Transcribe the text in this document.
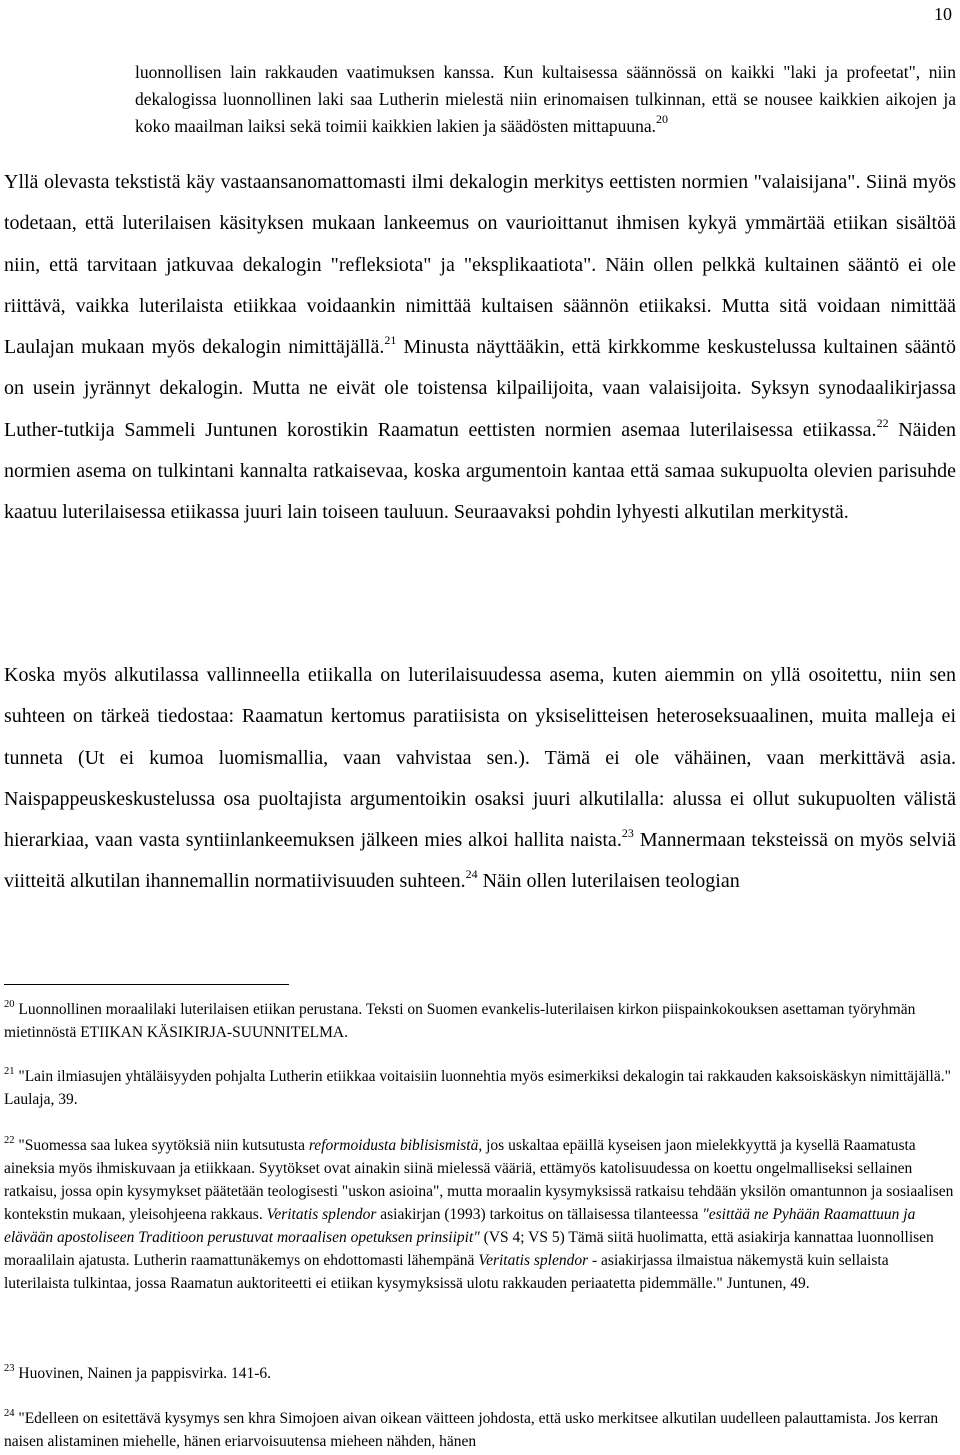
10

luonnollisen lain rakkauden vaatimuksen kanssa. Kun kultaisessa säännössä on kaikki "laki ja profeetat", niin dekalogissa luonnollinen laki saa Lutherin mielestä niin erinomaisen tulkinnan, että se nousee kaikkien aikojen ja koko maailman laiksi sekä toimii kaikkien lakien ja säädösten mittapuuna.$^{20}$

Yllä olevasta tekstistä käy vastaansanomattomasti ilmi dekalogin merkitys eettisten normien "valaisijana". Siinä myös todetaan, että luterilaisen käsityksen mukaan lankeemus on vaurioittanut ihmisen kykyä ymmärtää etiikan sisältöä niin, että tarvitaan jatkuvaa dekalogin "refleksiota" ja "eksplikaatiota". Näin ollen pelkkä kultainen sääntö ei ole riittävä, vaikka luterilaista etiikkaa voidaankin nimittää kultaisen säännön etiikaksi. Mutta sitä voidaan nimittää Laulajan mukaan myös dekalogin nimittäjällä.$^{21}$ Minusta näyttääkin, että kirkkomme keskustelussa kultainen sääntö on usein jyrännyt dekalogin. Mutta ne eivät ole toistensa kilpailijoita, vaan valaisijoita. Syksyn synodaalikirjassa Luther-tutkija Sammeli Juntunen korostikin Raamatun eettisten normien asemaa luterilaisessa etiikassa.$^{22}$ Näiden normien asema on tulkintani kannalta ratkaisevaa, koska argumentoin kantaa että samaa sukupuolta olevien parisuhde kaatuu luterilaisessa etiikassa juuri lain toiseen tauluun. Seuraavaksi pohdin lyhyesti alkutilan merkitystä.

Koska myös alkutilassa vallinneella etiikalla on luterilaisuudessa asema, kuten aiemmin on yllä osoitettu, niin sen suhteen on tärkeä tiedostaa: Raamatun kertomus paratiisista on yksiselitteisen heteroseksuaalinen, muita malleja ei tunneta (Ut ei kumoa luomismallia, vaan vahvistaa sen.). Tämä ei ole vähäinen, vaan merkittävä asia. Naispappeuskeskustelussa osa puoltajista argumentoikin osaksi juuri alkutilalla: alussa ei ollut sukupuolten välistä hierarkiaa, vaan vasta syntiinlankeemuksen jälkeen mies alkoi hallita naista.$^{23}$ Mannermaan teksteissä on myös selviä viitteitä alkutilan ihannemallin normatiivisuuden suhteen.$^{24}$ Näin ollen luterilaisen teologian

$^{20}$ Luonnollinen moraalilaki luterilaisen etiikan perustana. Teksti on Suomen evankelis-luterilaisen kirkon piispainkokouksen asettaman työryhmän mietinnöstä ETIIKAN KÄSIKIRJA-SUUNNITELMA.

$^{21}$ "Lain ilmiasujen yhtäläisyyden pohjalta Lutherin etiikkaa voitaisiin luonnehtia myös esimerkiksi dekalogin tai rakkauden kaksoiskäskyn nimittäjällä." Laulaja, 39.

$^{22}$ "Suomessa saa lukea syytöksiä niin kutsutusta reformoidusta biblisismistä, jos uskaltaa epäillä kyseisen jaon mielekkyyttä ja kysellä Raamatusta aineksia myös ihmiskuvaan ja etiikkaan. Syytökset ovat ainakin siinä mielessä vääriä, ettämyös katolisuudessa on koettu ongelmalliseksi sellainen ratkaisu, jossa opin kysymykset päätetään teologisesti "uskon asioina", mutta moraalin kysymyksissä ratkaisu tehdään yksilön omantunnon ja sosiaalisen kontekstin mukaan, yleisohjeena rakkaus. Veritatis splendor asiakirjan (1993) tarkoitus on tällaisessa tilanteessa "esittää ne Pyhään Raamattuun ja elävään apostoliseen Traditioon perustuvat moraalisen opetuksen prinsiipit" (VS 4; VS 5) Tämä siitä huolimatta, että asiakirja kannattaa luonnollisen moraalilain ajatusta. Lutherin raamattunäkemys on ehdottomasti lähempänä Veritatis splendor - asiakirjassa ilmaistua näkemystä kuin sellaista luterilaista tulkintaa, jossa Raamatun auktoriteetti ei etiikan kysymyksissä ulotu rakkauden periaatetta pidemmälle." Juntunen, 49.

$^{23}$ Huovinen, Nainen ja pappisvirka. 141-6.

$^{24}$ "Edelleen on esitettävä kysymys sen khra Simojoen aivan oikean väitteen johdosta, että usko merkitsee alkutilan uudelleen palauttamista. Jos kerran naisen alistaminen miehelle, hänen eriarvoisuutensa mieheen nähden, hänen
